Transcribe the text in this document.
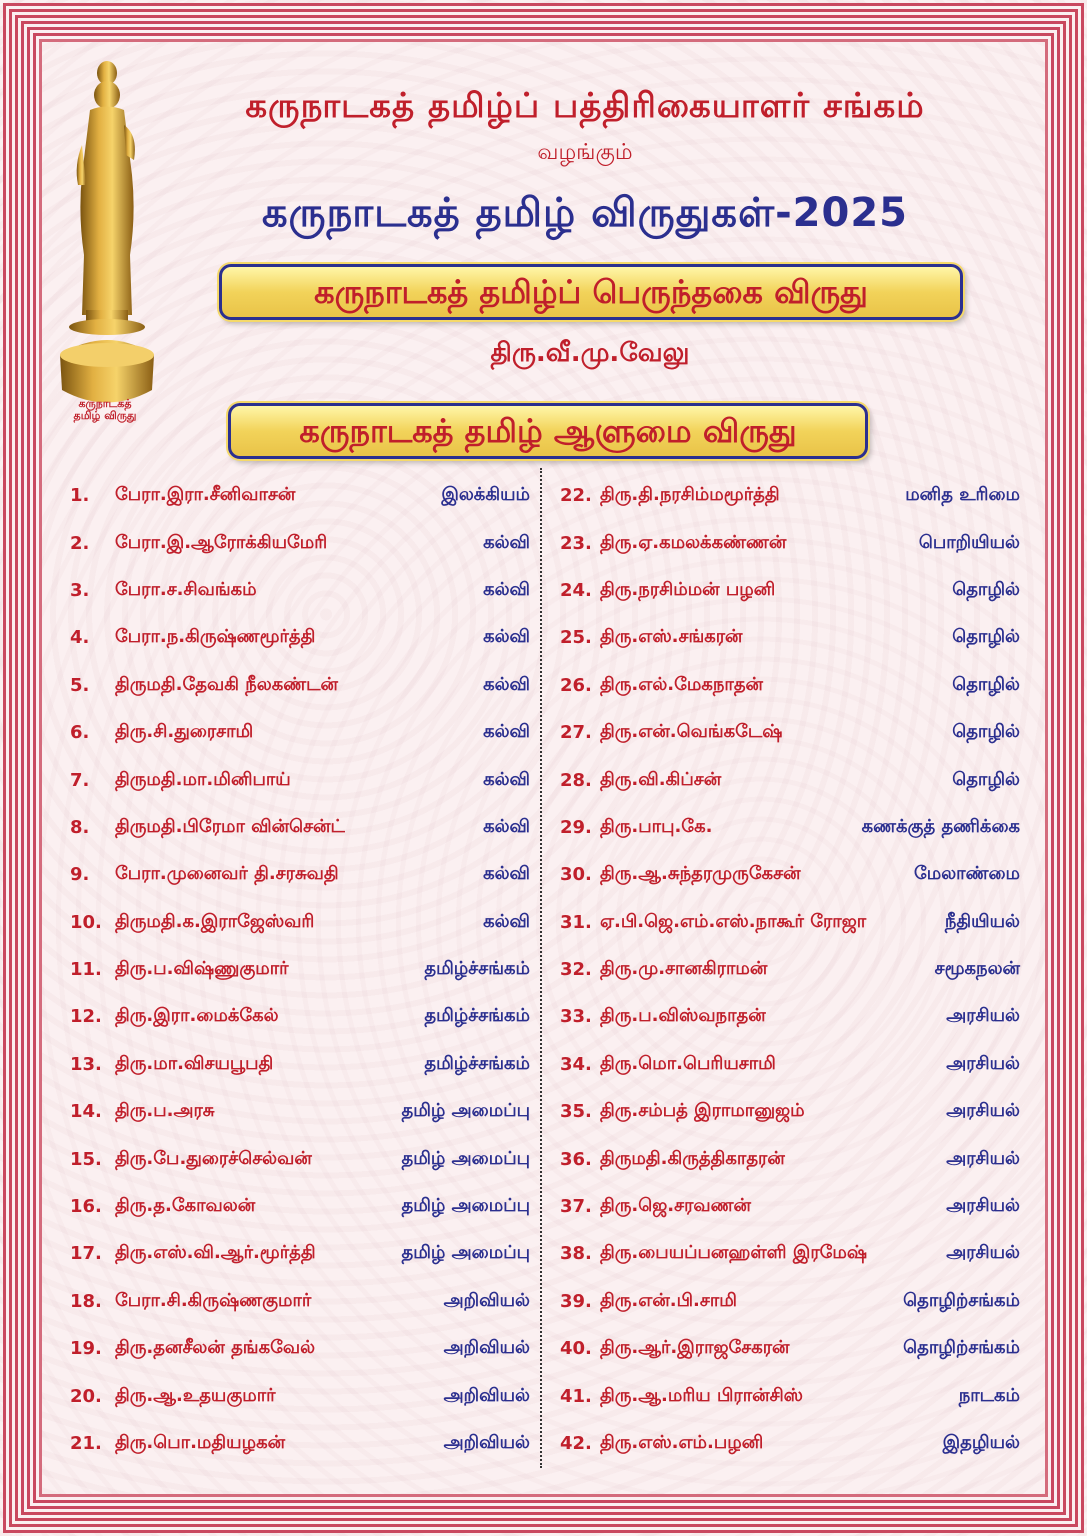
கருநாடகத்
தமிழ் விருது
கருநாடகத் தமிழ்ப் பத்திரிகையாளர் சங்கம்
வழங்கும்
கருநாடகத் தமிழ் விருதுகள்-2025
கருநாடகத் தமிழ்ப் பெருந்தகை விருது
திரு.வீ.மு.வேலு
கருநாடகத் தமிழ் ஆளுமை விருது
1.	பேரா.இரா.சீனிவாசன்	இலக்கியம்
2.	பேரா.இ.ஆரோக்கியமேரி	கல்வி
3.	பேரா.ச.சிவங்கம்	கல்வி
4.	பேரா.ந.கிருஷ்ணமூர்த்தி	கல்வி
5.	திருமதி.தேவகி நீலகண்டன்	கல்வி
6.	திரு.சி.துரைசாமி	கல்வி
7.	திருமதி.மா.மினிபாய்	கல்வி
8.	திருமதி.பிரேமா வின்சென்ட்	கல்வி
9.	பேரா.முனைவர் தி.சரசுவதி	கல்வி
10. திருமதி.க.இராஜேஸ்வரி	கல்வி
11. திரு.ப.விஷ்ணுகுமார்	தமிழ்ச்சங்கம்
12. திரு.இரா.மைக்கேல்	தமிழ்ச்சங்கம்
13. திரு.மா.விசயபூபதி	தமிழ்ச்சங்கம்
14. திரு.ப.அரசு	தமிழ் அமைப்பு
15. திரு.பே.துரைச்செல்வன்	தமிழ் அமைப்பு
16. திரு.த.கோவலன்	தமிழ் அமைப்பு
17. திரு.எஸ்.வி.ஆர்.மூர்த்தி	தமிழ் அமைப்பு
18. பேரா.சி.கிருஷ்ணகுமார்	அறிவியல்
19. திரு.தனசீலன் தங்கவேல்	அறிவியல்
20. திரு.ஆ.உதயகுமார்	அறிவியல்
21. திரு.பொ.மதியழகன்	அறிவியல்
22. திரு.தி.நரசிம்மமூர்த்தி	மனித உரிமை
23. திரு.ஏ.கமலக்கண்ணன்	பொறியியல்
24. திரு.நரசிம்மன் பழனி	தொழில்
25. திரு.எஸ்.சங்கரன்	தொழில்
26. திரு.எல்.மேகநாதன்	தொழில்
27. திரு.என்.வெங்கடேஷ்	தொழில்
28. திரு.வி.கிப்சன்	தொழில்
29. திரு.பாபு.கே.	கணக்குத் தணிக்கை
30. திரு.ஆ.சுந்தரமுருகேசன்	மேலாண்மை
31. ஏ.பி.ஜெ.எம்.எஸ்.நாகூர் ரோஜா	நீதியியல்
32. திரு.மு.சானகிராமன்	சமூகநலன்
33. திரு.ப.விஸ்வநாதன்	அரசியல்
34. திரு.மொ.பெரியசாமி	அரசியல்
35. திரு.சம்பத் இராமானுஜம்	அரசியல்
36. திருமதி.கிருத்திகாதரன்	அரசியல்
37. திரு.ஜெ.சரவணன்	அரசியல்
38. திரு.பையப்பனஹள்ளி இரமேஷ்	அரசியல்
39. திரு.என்.பி.சாமி	தொழிற்சங்கம்
40. திரு.ஆர்.இராஜசேகரன்	தொழிற்சங்கம்
41. திரு.ஆ.மரிய பிரான்சிஸ்	நாடகம்
42. திரு.எஸ்.எம்.பழனி	இதழியல்
